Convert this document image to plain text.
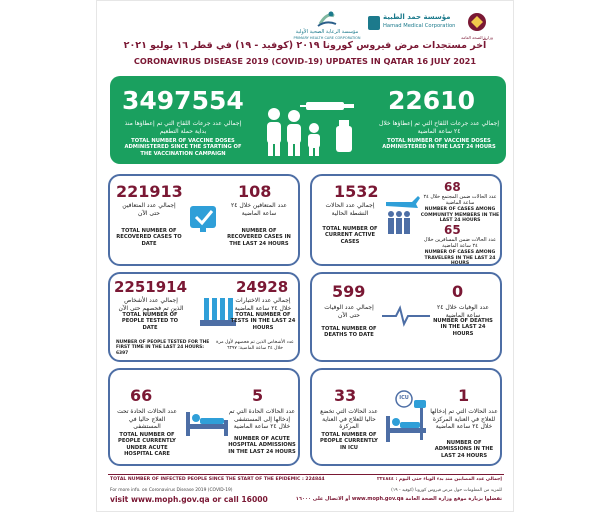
مؤسسة الرعاية الصحية الأولية
PRIMARY HEALTH CARE CORPORATION
مؤسسة حمد الطبية
Hamad Medical Corporation
وزارة الصحة العامة
آخر مستجدات مرض فيروس كورونا ٢٠١٩ (كوفيد - ١٩) في قطر ١٦ يوليو ٢٠٢١
CORONAVIRUS DISEASE 2019 (COVID-19) UPDATES IN QATAR 16 JULY 2021
3497554
إجمالي عدد جرعات اللقاح التي تم إعطاؤها منذ بداية حملة التطعيم
TOTAL NUMBER OF VACCINE DOSES ADMINISTERED SINCE THE STARTING OF THE VACCINATION CAMPAIGN
22610
إجمالي عدد جرعات اللقاح التي تم إعطاؤها خلال ٢٤ ساعة الماضية
TOTAL NUMBER OF VACCINE DOSES ADMINISTERED IN THE LAST 24 HOURS
221913
إجمالي عدد المتعافين حتى الآن
TOTAL NUMBER OF RECOVERED CASES TO DATE
108
عدد المتعافين خلال ٢٤ ساعة الماضية
NUMBER OF RECOVERED CASES IN THE LAST 24 HOURS
1532
إجمالي عدد الحالات النشطة الحالية
TOTAL NUMBER OF CURRENT ACTIVE CASES
68
عدد الحالات ضمن المجتمع خلال ٢٤ ساعة الماضية
NUMBER OF CASES AMONG COMMUNITY MEMBERS IN THE LAST 24 HOURS
65
عدد الحالات ضمن المسافرين خلال ٢٤ ساعة الماضية
NUMBER OF CASES AMONG TRAVELERS IN THE LAST 24 HOURS
2251914
إجمالي عدد الأشخاص الذين تم فحصهم حتى الآن
TOTAL NUMBER OF PEOPLE TESTED TO DATE
24928
إجمالي عدد الاختبارات خلال ٢٤ ساعة الماضية
TOTAL NUMBER OF TESTS IN THE LAST 24 HOURS
NUMBER OF PEOPLE TESTED FOR THE FIRST TIME IN THE LAST 24 HOURS: 6397
عدد الأشخاص الذين تم فحصهم لأول مرة خلال ٢٤ ساعة الماضية: ٦٣٩٧
599
إجمالي عدد الوفيات حتى الآن
TOTAL NUMBER OF DEATHS TO DATE
0
عدد الوفيات خلال ٢٤ ساعة الماضية
NUMBER OF DEATHS IN THE LAST 24 HOURS
66
عدد الحالات الحادة تحت العلاج حاليا في المستشفى
TOTAL NUMBER OF PEOPLE CURRENTLY UNDER ACUTE HOSPITAL CARE
5
عدد الحالات الحادة التي تم إدخالها إلى المستشفى خلال ٢٤ ساعة الماضية
NUMBER OF ACUTE HOSPITAL ADMISSIONS IN THE LAST 24 HOURS
33
عدد الحالات التي تخضع حاليا للعلاج في العناية المركزة
TOTAL NUMBER OF PEOPLE CURRENTLY IN ICU
ICU	1
عدد الحالات التي تم إدخالها للعلاج في العناية المركزة خلال ٢٤ ساعة الماضية
NUMBER OF ADMISSIONS IN THE LAST 24 HOURS
TOTAL NUMBER OF INFECTED PEOPLE SINCE THE START OF THE EPIDEMIC : 224844	إجمالي عدد المصابين منذ بدء الوباء حتى اليوم : ٢٢٤٨٤٤
For more info. on Coronavirus Disease 2019 (COVID-19)	للمزيد من المعلومات حول مرض فيروس كورونا (كوفيد - ١٩)
visit www.moph.gov.qa or call 16000	تفضلوا بزيارة موقع وزارة الصحة العامة www.moph.gov.qa أو الاتصال على ١٦٠٠٠
